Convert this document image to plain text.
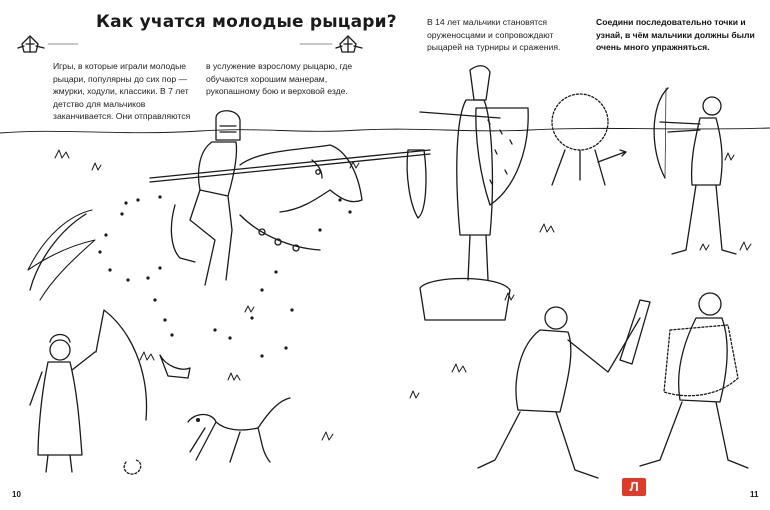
Как учатся молодые рыцари?
Игры, в которые играли молодые рыцари, популярны до сих пор — жмурки, ходули, классики. В 7 лет детство для мальчиков заканчивается. Они отправляются
в услужение взрослому рыцарю, где обучаются хорошим манерам, рукопашному бою и верховой езде.
В 14 лет мальчики становятся оруженосцами и сопровождают рыцарей на турниры и сражения.
Соедини последовательно точки и узнай, в чём мальчики должны были очень много упражняться.
10	11
Л
